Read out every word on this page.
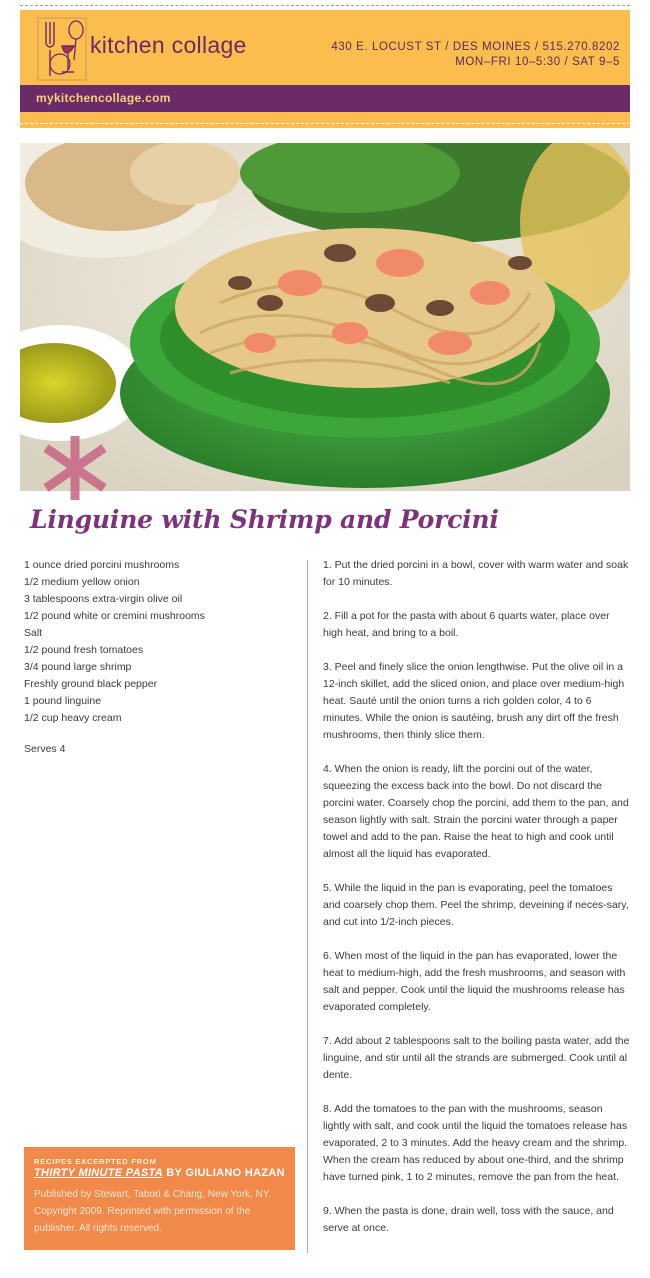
kitchen collage	430 E. LOCUST ST / DES MOINES / 515.270.8202
MON–FRI 10–5:30 / SAT 9–5
mykitchencollage.com
Linguine with Shrimp and Porcini
1 ounce dried porcini mushrooms
1/2 medium yellow onion
3 tablespoons extra-virgin olive oil
1/2 pound white or cremini mushrooms
Salt
1/2 pound fresh tomatoes
3/4 pound large shrimp
Freshly ground black pepper
1 pound linguine
1/2 cup heavy cream
Serves 4

1. Put the dried porcini in a bowl, cover with warm water and soak for 10 minutes.

2. Fill a pot for the pasta with about 6 quarts water, place over high heat, and bring to a boil.

3. Peel and finely slice the onion lengthwise. Put the olive oil in a 12-inch skillet, add the sliced onion, and place over medium-high heat. Sauté until the onion turns a rich golden color, 4 to 6 minutes. While the onion is sautéing, brush any dirt off the fresh mushrooms, then thinly slice them.

4. When the onion is ready, lift the porcini out of the water, squeezing the excess back into the bowl. Do not discard the porcini water. Coarsely chop the porcini, add them to the pan, and season lightly with salt. Strain the porcini water through a paper towel and add to the pan. Raise the heat to high and cook until almost all the liquid has evaporated.

5. While the liquid in the pan is evaporating, peel the tomatoes and coarsely chop them. Peel the shrimp, deveining if neces-sary, and cut into 1/2-inch pieces.

6. When most of the liquid in the pan has evaporated, lower the heat to medium-high, add the fresh mushrooms, and season with salt and pepper. Cook until the liquid the mushrooms release has evaporated completely.

7. Add about 2 tablespoons salt to the boiling pasta water, add the linguine, and stir until all the strands are submerged. Cook until al dente.

8. Add the tomatoes to the pan with the mushrooms, season lightly with salt, and cook until the liquid the tomatoes release has evaporated, 2 to 3 minutes. Add the heavy cream and the shrimp. When the cream has reduced by about one-third, and the shrimp have turned pink, 1 to 2 minutes, remove the pan from the heat.

9. When the pasta is done, drain well, toss with the sauce, and serve at once.

RECIPES EXCERPTED FROM
THIRTY MINUTE PASTA BY GIULIANO HAZAN
Published by Stewart, Tabori & Chang, New York, NY. Copyright 2009. Reprinted with permission of the publisher. All rights reserved.
